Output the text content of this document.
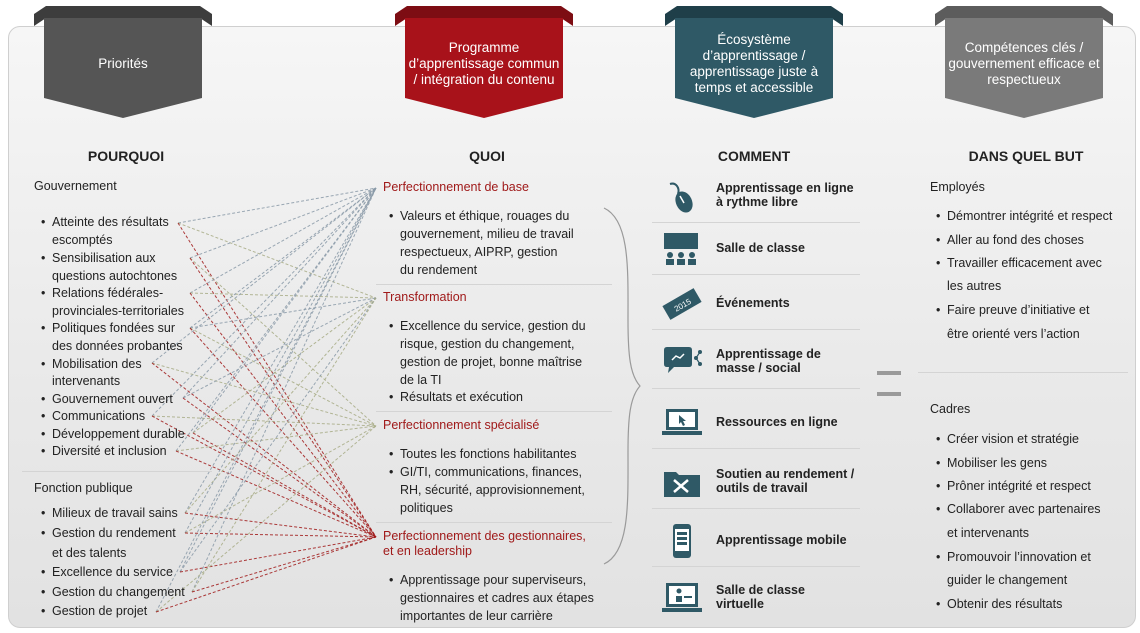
Priorités
Programme d’apprentissage commun / intégration du contenu
Écosystème d’apprentissage / apprentissage juste à temps et accessible
Compétences clés / gouvernement efficace et respectueux
POURQUOI	QUOI	COMMENT	DANS QUEL BUT
Gouvernement
Fonction publique
Perfectionnement de base
• Valeurs et éthique, rouages du
gouvernement, milieu de travail
respectueux, AIPRP, gestion
du rendement
Transformation
• Excellence du service, gestion du
risque, gestion du changement,
gestion de projet, bonne maîtrise
de la TI
• Résultats et exécution
Perfectionnement spécialisé
• Toutes les fonctions habilitantes
• GI/TI, communications, finances,
RH, sécurité, approvisionnement,
politiques
Perfectionnement des gestionnaires,
et en leadership
• Apprentissage pour superviseurs,
gestionnaires et cadres aux étapes
importantes de leur carrière
Employés
Cadres
• Atteinte des résultats
escomptés
• Sensibilisation aux
questions autochtones
• Relations fédérales-
provinciales-territoriales
• Politiques fondées sur
des données probantes
• Mobilisation des
intervenants
• Gouvernement ouvert
• Communications
• Développement durable
• Diversité et inclusion
• Milieux de travail sains
• Gestion du rendement
et des talents
• Excellence du service
• Gestion du changement
• Gestion de projet
• Démontrer intégrité et respect
• Aller au fond des choses
• Travailler efficacement avec
les autres
• Faire preuve d’initiative et
être orienté vers l’action
• Créer vision et stratégie
• Mobiliser les gens
• Prôner intégrité et respect
• Collaborer avec partenaires
et intervenants
• Promouvoir l’innovation et
guider le changement
• Obtenir des résultats
Apprentissage en ligne
à rythme libre
Salle de classe
2015 Événements
Apprentissage de
masse / social
Ressources en ligne
Soutien au rendement /
outils de travail
Apprentissage mobile
Salle de classe
virtuelle
